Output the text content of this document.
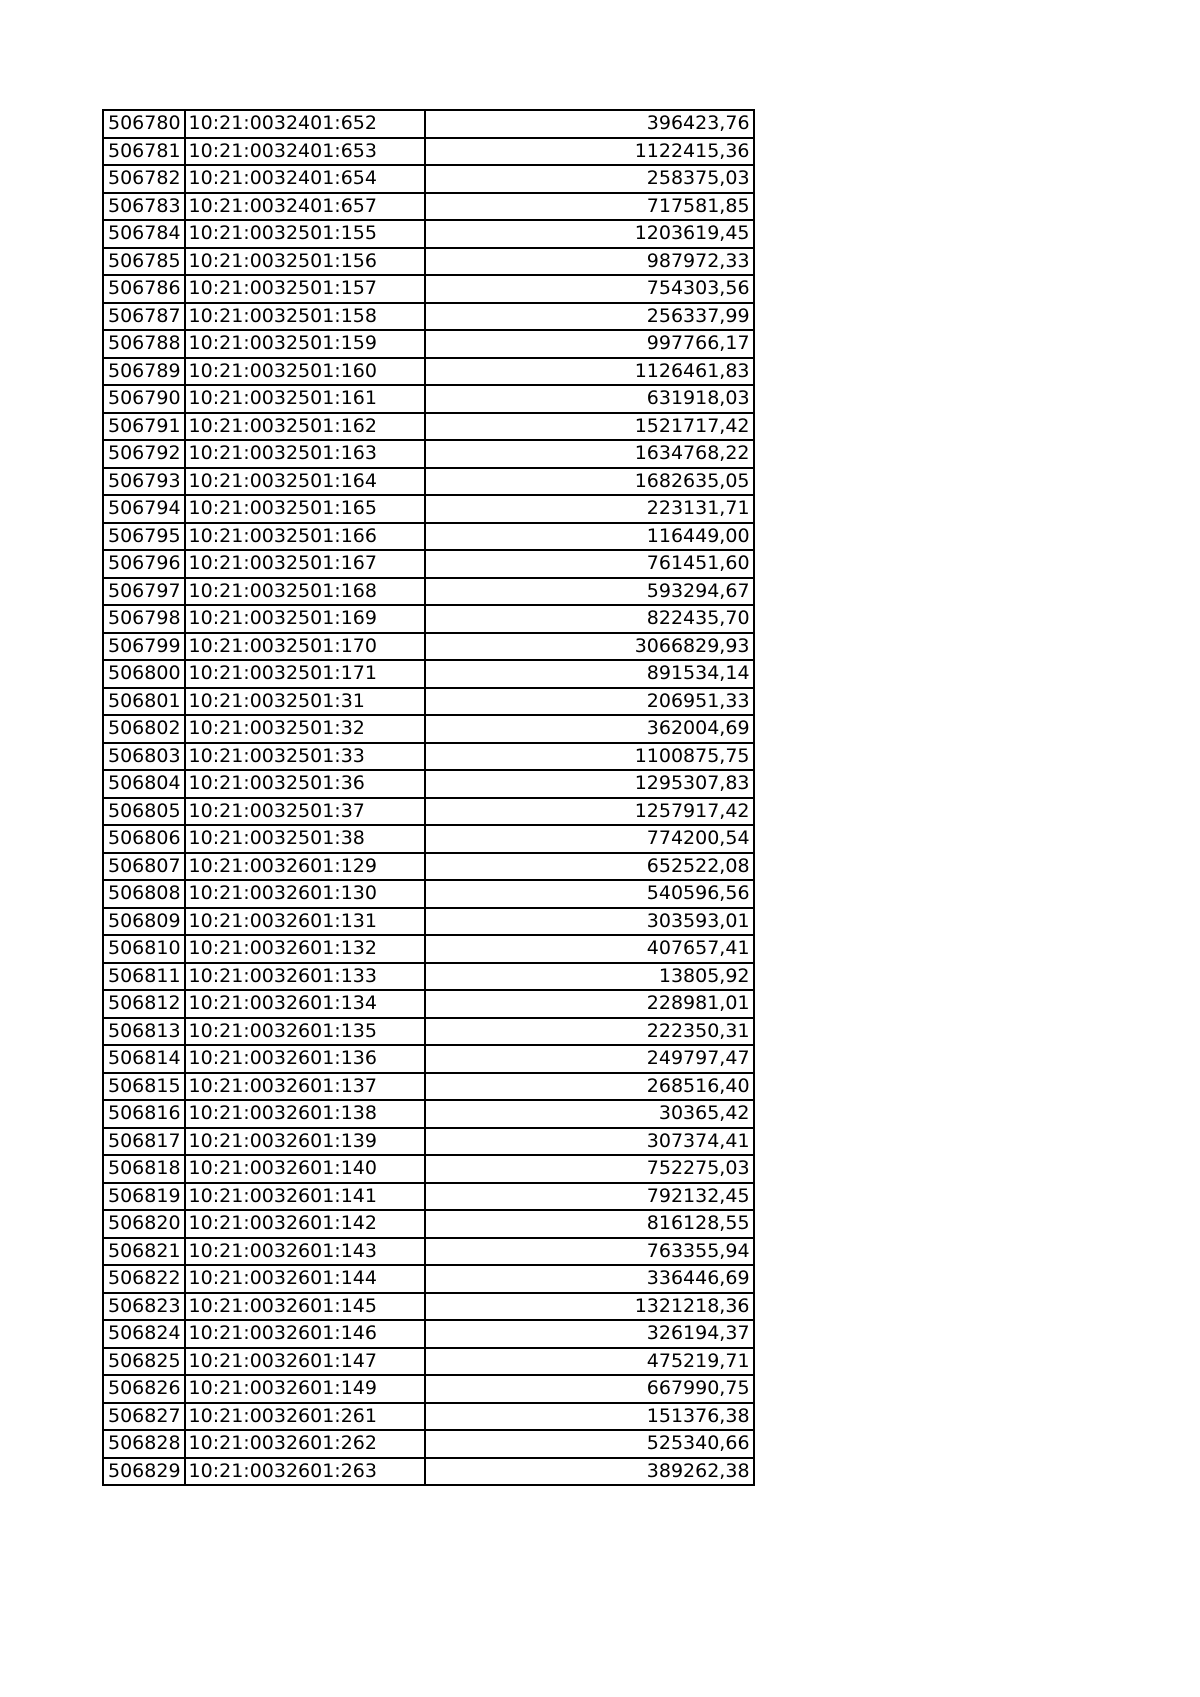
506780	10:21:0032401:652	396423,76
506781	10:21:0032401:653	1122415,36
506782	10:21:0032401:654	258375,03
506783	10:21:0032401:657	717581,85
506784	10:21:0032501:155	1203619,45
506785	10:21:0032501:156	987972,33
506786	10:21:0032501:157	754303,56
506787	10:21:0032501:158	256337,99
506788	10:21:0032501:159	997766,17
506789	10:21:0032501:160	1126461,83
506790	10:21:0032501:161	631918,03
506791	10:21:0032501:162	1521717,42
506792	10:21:0032501:163	1634768,22
506793	10:21:0032501:164	1682635,05
506794	10:21:0032501:165	223131,71
506795	10:21:0032501:166	116449,00
506796	10:21:0032501:167	761451,60
506797	10:21:0032501:168	593294,67
506798	10:21:0032501:169	822435,70
506799	10:21:0032501:170	3066829,93
506800	10:21:0032501:171	891534,14
506801	10:21:0032501:31	206951,33
506802	10:21:0032501:32	362004,69
506803	10:21:0032501:33	1100875,75
506804	10:21:0032501:36	1295307,83
506805	10:21:0032501:37	1257917,42
506806	10:21:0032501:38	774200,54
506807	10:21:0032601:129	652522,08
506808	10:21:0032601:130	540596,56
506809	10:21:0032601:131	303593,01
506810	10:21:0032601:132	407657,41
506811	10:21:0032601:133	13805,92
506812	10:21:0032601:134	228981,01
506813	10:21:0032601:135	222350,31
506814	10:21:0032601:136	249797,47
506815	10:21:0032601:137	268516,40
506816	10:21:0032601:138	30365,42
506817	10:21:0032601:139	307374,41
506818	10:21:0032601:140	752275,03
506819	10:21:0032601:141	792132,45
506820	10:21:0032601:142	816128,55
506821	10:21:0032601:143	763355,94
506822	10:21:0032601:144	336446,69
506823	10:21:0032601:145	1321218,36
506824	10:21:0032601:146	326194,37
506825	10:21:0032601:147	475219,71
506826	10:21:0032601:149	667990,75
506827	10:21:0032601:261	151376,38
506828	10:21:0032601:262	525340,66
506829	10:21:0032601:263	389262,38
